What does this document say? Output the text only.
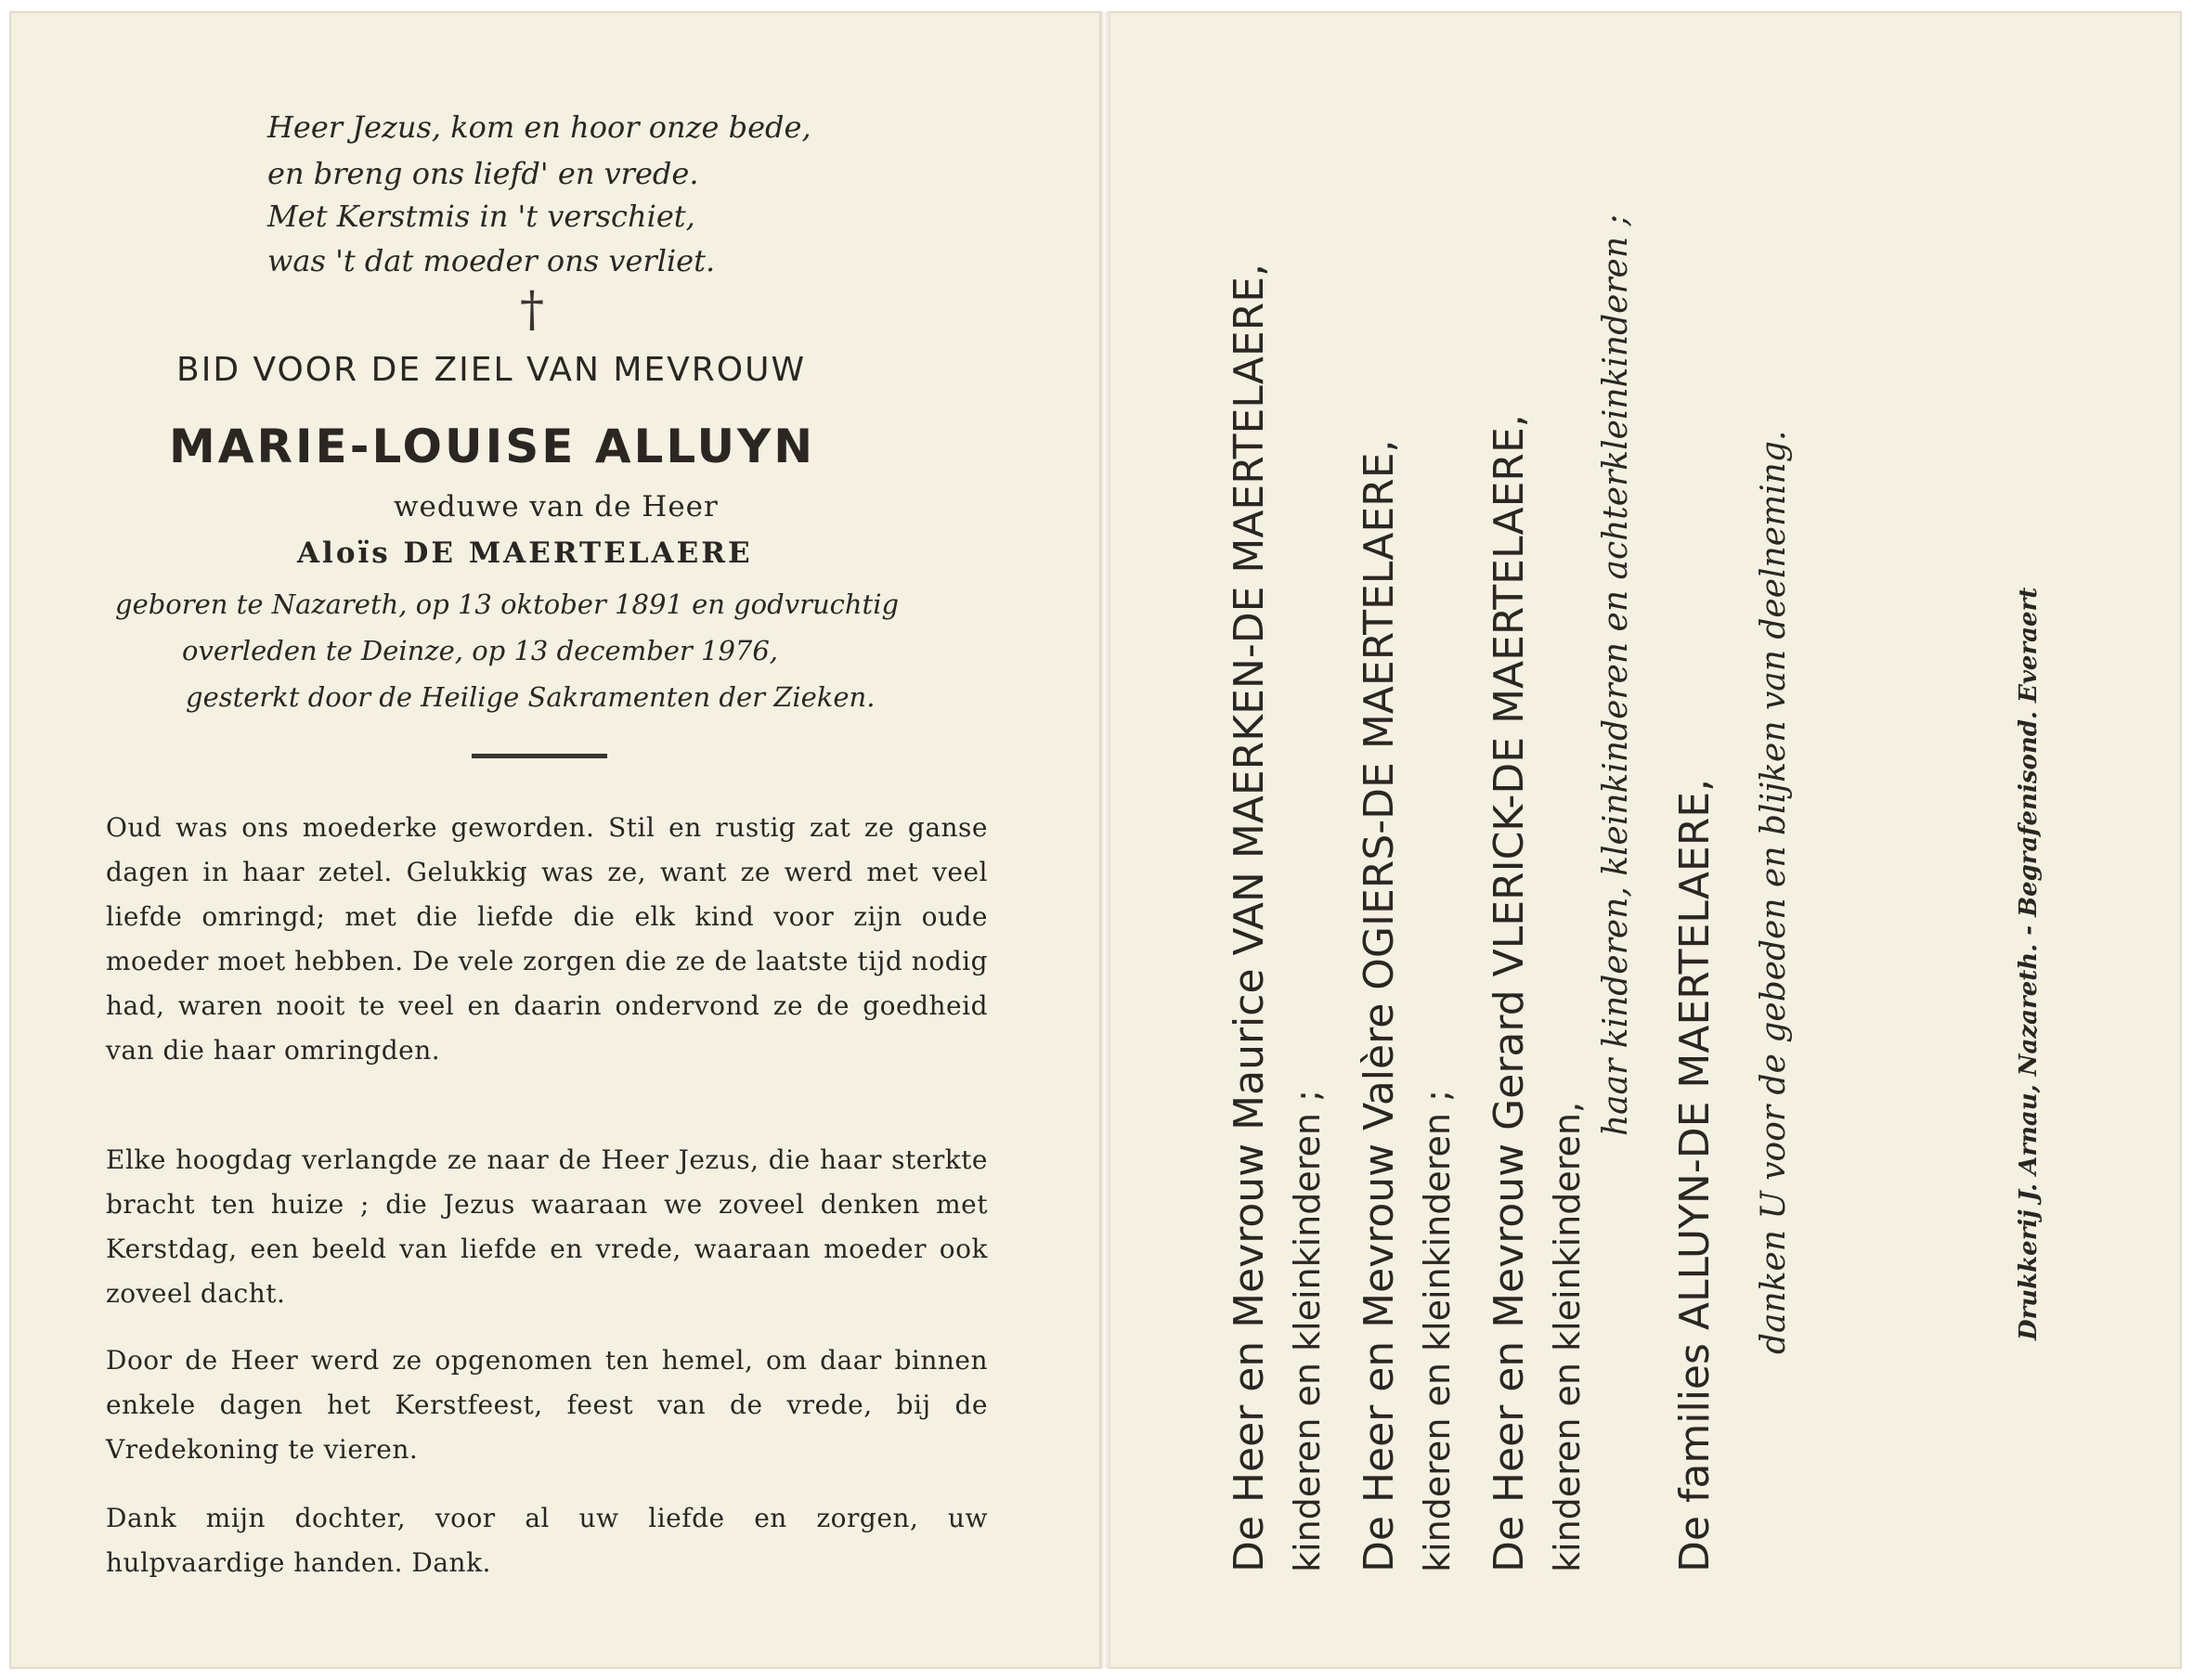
Heer Jezus, kom en hoor onze bede,
en breng ons liefd' en vrede.
Met Kerstmis in 't verschiet,
was 't dat moeder ons verliet.
†
BID VOOR DE ZIEL VAN MEVROUW
MARIE-LOUISE ALLUYN
weduwe van de Heer
Aloïs DE MAERTELAERE
geboren te Nazareth, op 13 oktober 1891 en godvruchtig
overleden te Deinze, op 13 december 1976,
gesterkt door de Heilige Sakramenten der Zieken.
Oud was ons moederke geworden. Stil en rustig zat ze ganse dagen in haar zetel. Gelukkig was ze, want ze werd met veel liefde omringd; met die liefde die elk kind voor zijn oude moeder moet hebben. De vele zorgen die ze de laatste tijd nodig had, waren nooit te veel en daarin ondervond ze de goedheid van die haar omringden.
Elke hoogdag verlangde ze naar de Heer Jezus, die haar sterkte bracht ten huize ; die Jezus waaraan we zoveel denken met Kerstdag, een beeld van liefde en vrede, waaraan moeder ook zoveel dacht.
Door de Heer werd ze opgenomen ten hemel, om daar binnen enkele dagen het Kerstfeest, feest van de vrede, bij de Vredekoning te vieren.
Dank mijn dochter, voor al uw liefde en zorgen, uw hulpvaardige handen. Dank.	De Heer en Mevrouw Maurice VAN MAERKEN-DE MAERTELAERE, kinderen en kleinkinderen ; De Heer en Mevrouw Valère OGIERS-DE MAERTELAERE, kinderen en kleinkinderen ; De Heer en Mevrouw Gerard VLERICK-DE MAERTELAERE, kinderen en kleinkinderen,
haar kinderen, kleinkinderen en achterkleinkinderen ;
De families ALLUYN-DE MAERTELAERE, danken U voor de gebeden en blijken van deelneming.	Drukkerij J. Arnau, Nazareth. - Begrafenisond. Everaert
